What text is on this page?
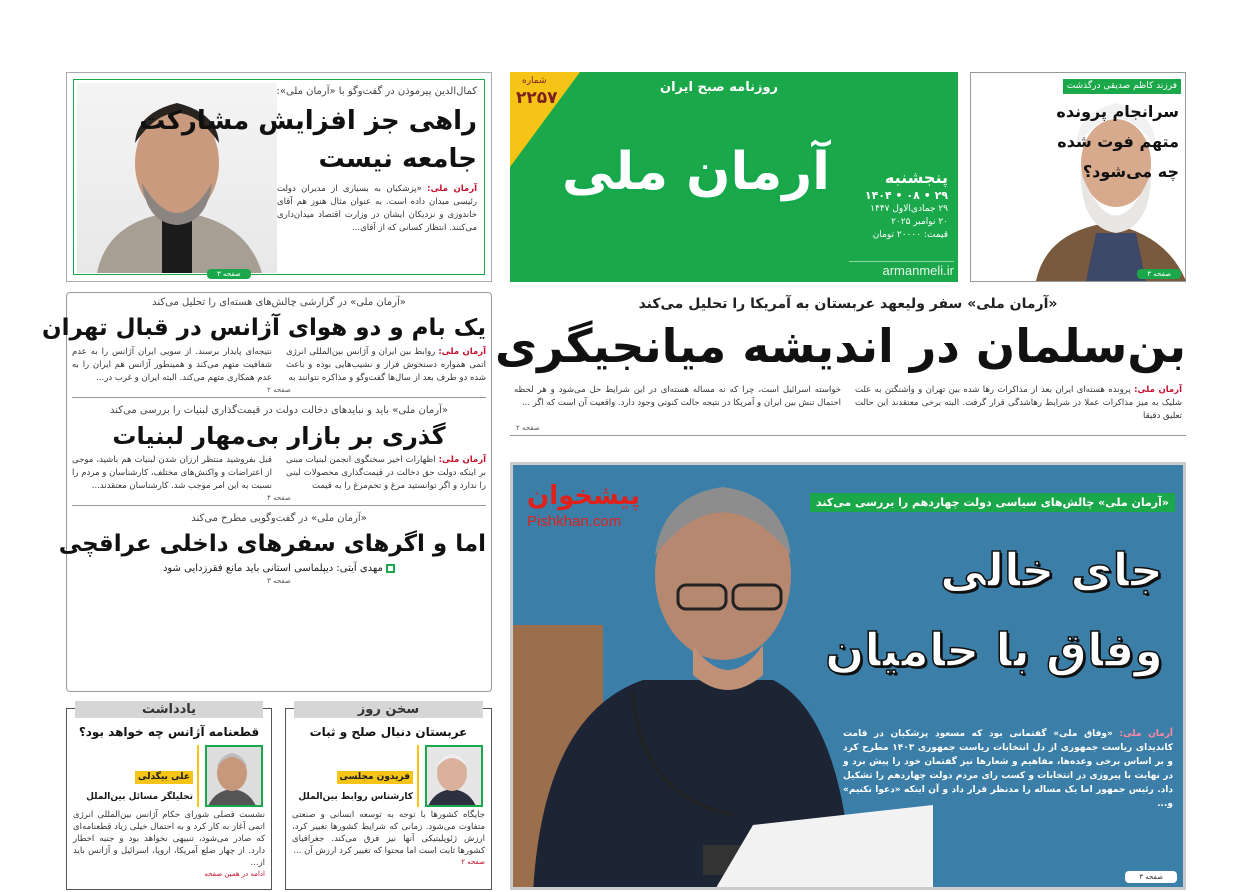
کمال‌الدین پیرموذن در گفت‌وگو با «آرمان ملی»:
راهی جز افزایش مشارکت
جامعه نیست
آرمان ملی: «پزشکیان به بسیاری از مدیران دولت رئیسی میدان داده است. به عنوان مثال هنوز هم آقای خاندوزی و نزدیکان ایشان در وزارت اقتصاد میدان‌داری می‌کنند. انتظار کسانی که از آقای...
صفحه ۳
شماره
۲۲۵۷
روزنامه صبح ایران
آرمان ملی	پنجشنبه
۲۹ • ۰۸ • ۱۴۰۴
۲۹ جمادی‌الاول ۱۴۴۷
۲۰ نوامبر ۲۰۲۵
قیمت: ۲۰۰۰۰ تومان
armanmeli.ir
فرزند کاظم صدیقی درگذشت
سرانجام پرونده
متهم فوت شده
چه می‌شود؟
صفحه ۳
«آرمان ملی» سفر ولیعهد عربستان به آمریکا را تحلیل می‌کند
بن‌سلمان در اندیشه میانجیگری
آرمان ملی: پرونده هسته‌ای ایران بعد از مذاکرات رها شده بین تهران و واشنگتن به علت شلیک به میز مذاکرات عملا در شرایط رهاشدگی قرار گرفت. البته برخی معتقدند این حالت تعلیق دقیقا
خواسته اسرائیل است، چرا که نه مساله هسته‌ای در این شرایط حل می‌شود و هر لحظه احتمال تنش بین ایران و آمریکا در نتیجه حالت کنونی وجود دارد. واقعیت آن است که اگر ...
صفحه ۲
«آرمان ملی» در گزارشی چالش‌های هسته‌ای را تحلیل می‌کند
یک بام و دو هوای آژانس در قبال تهران
آرمان ملی: روابط بین ایران و آژانس بین‌المللی انرژی اتمی همواره دستخوش فراز و نشیب‌هایی بوده و باعث شده دو طرف بعد از سال‌ها گفت‌وگو و مذاکره نتوانند به
نتیجه‌ای پایدار برسند. از سویی ایران آژانس را به عدم شفافیت متهم می‌کند و همینطور آژانس هم ایران را به عدم همکاری متهم می‌کند. البته ایران و غرب در...
صفحه ۲
«آرمان ملی» باید و نبایدهای دخالت دولت در قیمت‌گذاری لبنیات را بررسی می‌کند
گذری بر بازار بی‌مهار لبنیات
آرمان ملی: اظهارات اخیر سخنگوی انجمن لبنیات مبنی بر اینکه دولت حق دخالت در قیمت‌گذاری محصولات لبنی را ندارد و اگر توانستید مرغ و تخم‌مرغ را به قیمت
قبل بفروشید منتظر ارزان شدن لبنیات هم باشید، موجی از اعتراضات و واکنش‌های مختلف، کارشناسان و مردم را نسبت به این امر موجب شد. کارشناسان معتقدند...
صفحه ۴
«آرمان ملی» در گفت‌وگویی مطرح می‌کند
اما و اگرهای سفرهای داخلی عراقچی
مهدی آیتی: دیپلماسی استانی باید مانع فقرزدایی شود
صفحه ۳
یادداشت
قطعنامه آژانس چه خواهد بود؟
علی بیگدلی
تحلیلگر مسائل بین‌الملل
نشست فصلی شورای حکام آژانس بین‌المللی انرژی اتمی آغاز به کار کرد و به احتمال خیلی زیاد قطعنامه‌ای که صادر می‌شود، تنبیهی نخواهد بود و جنبه اخطار دارد. از چهار ضلع آمریکا، اروپا، اسرائیل و آژانس باید از...
ادامه در همین صفحه
سخن روز
عربستان دنبال صلح و ثبات
فریدون مجلسی
کارشناس روابط بین‌الملل
جایگاه کشورها با توجه به توسعه انسانی و صنعتی متفاوت می‌شود. زمانی که شرایط کشورها تغییر کرد، ارزش ژئوپلیتیکی آنها نیز فرق می‌کند. جغرافیای کشورها ثابت است اما محتوا که تغییر کرد ارزش آن ...
صفحه ۲
پیشخوان
Pishkhan.com
«آرمان ملی» چالش‌های سیاسی دولت چهاردهم را بررسی می‌کند
جای خالی
وفاق با حامیان
آرمان ملی: «وفاق ملی» گفتمانی بود که مسعود پزشکیان در قامت کاندیدای ریاست جمهوری از دل انتخابات ریاست جمهوری ۱۴۰۳ مطرح کرد و بر اساس برخی وعده‌ها، مفاهیم و شعارها نیز گفتمان خود را پیش برد و در نهایت با پیروزی در انتخابات و کسب رای مردم دولت چهاردهم را تشکیل داد. رئیس جمهور اما یک مساله را مدنظر قرار داد و آن اینکه «دعوا نکنیم» و...
صفحه ۳
